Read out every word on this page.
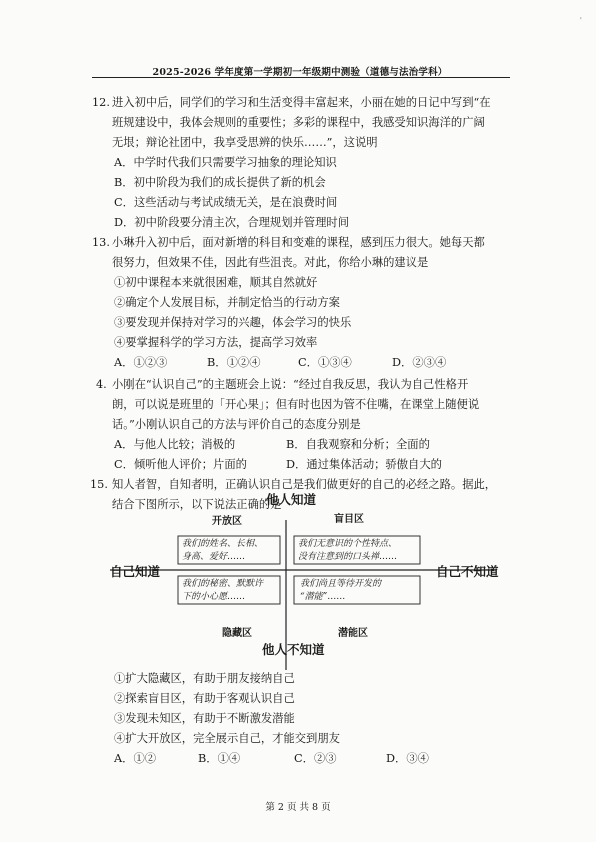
'
2025-2026 学年度第一学期初一年级期中测验（道德与法治学科）
12. 进入初中后，同学们的学习和生活变得丰富起来，小丽在她的日记中写到“在
班规建设中，我体会规则的重要性；多彩的课程中，我感受知识海洋的广阔
无垠；辩论社团中，我享受思辨的快乐……”，这说明
A．中学时代我们只需要学习抽象的理论知识
B．初中阶段为我们的成长提供了新的机会
C．这些活动与考试成绩无关，是在浪费时间
D．初中阶段要分清主次，合理规划并管理时间
13. 小琳升入初中后，面对新增的科目和变难的课程，感到压力很大。她每天都
很努力，但效果不佳，因此有些沮丧。对此，你给小琳的建议是
①初中课程本来就很困难，顺其自然就好
②确定个人发展目标，并制定恰当的行动方案
③要发现并保持对学习的兴趣，体会学习的快乐
④要掌握科学的学习方法，提高学习效率
A．①②③	B．①②④	C．①③④	D．②③④
4. 小刚在“认识自己”的主题班会上说：“经过自我反思，我认为自己性格开
朗，可以说是班里的「开心果」；但有时也因为管不住嘴，在课堂上随便说
话。”小刚认识自己的方法与评价自己的态度分别是
A．与他人比较；消极的	B．自我观察和分析；全面的
C．倾听他人评价；片面的	D．通过集体活动；骄傲自大的
15. 知人者智，自知者明，正确认识自己是我们做更好的自己的必经之路。据此，
结合下图所示，以下说法正确的是
他人知道
他人不知道
自己知道	自己不知道
开放区	盲目区
隐藏区	潜能区
我们的姓名、长相、
身高、爱好……
我们无意识的个性特点、
没有注意到的口头禅……
我们的秘密、默默许
下的小心愿……
我们尚且等待开发的
“潜能”……
①扩大隐藏区，有助于朋友接纳自己
②探索盲目区，有助于客观认识自己
③发现未知区，有助于不断激发潜能
④扩大开放区，完全展示自己，才能交到朋友
A．①②	B．①④	C．②③	D．③④
第 2 页 共 8 页
